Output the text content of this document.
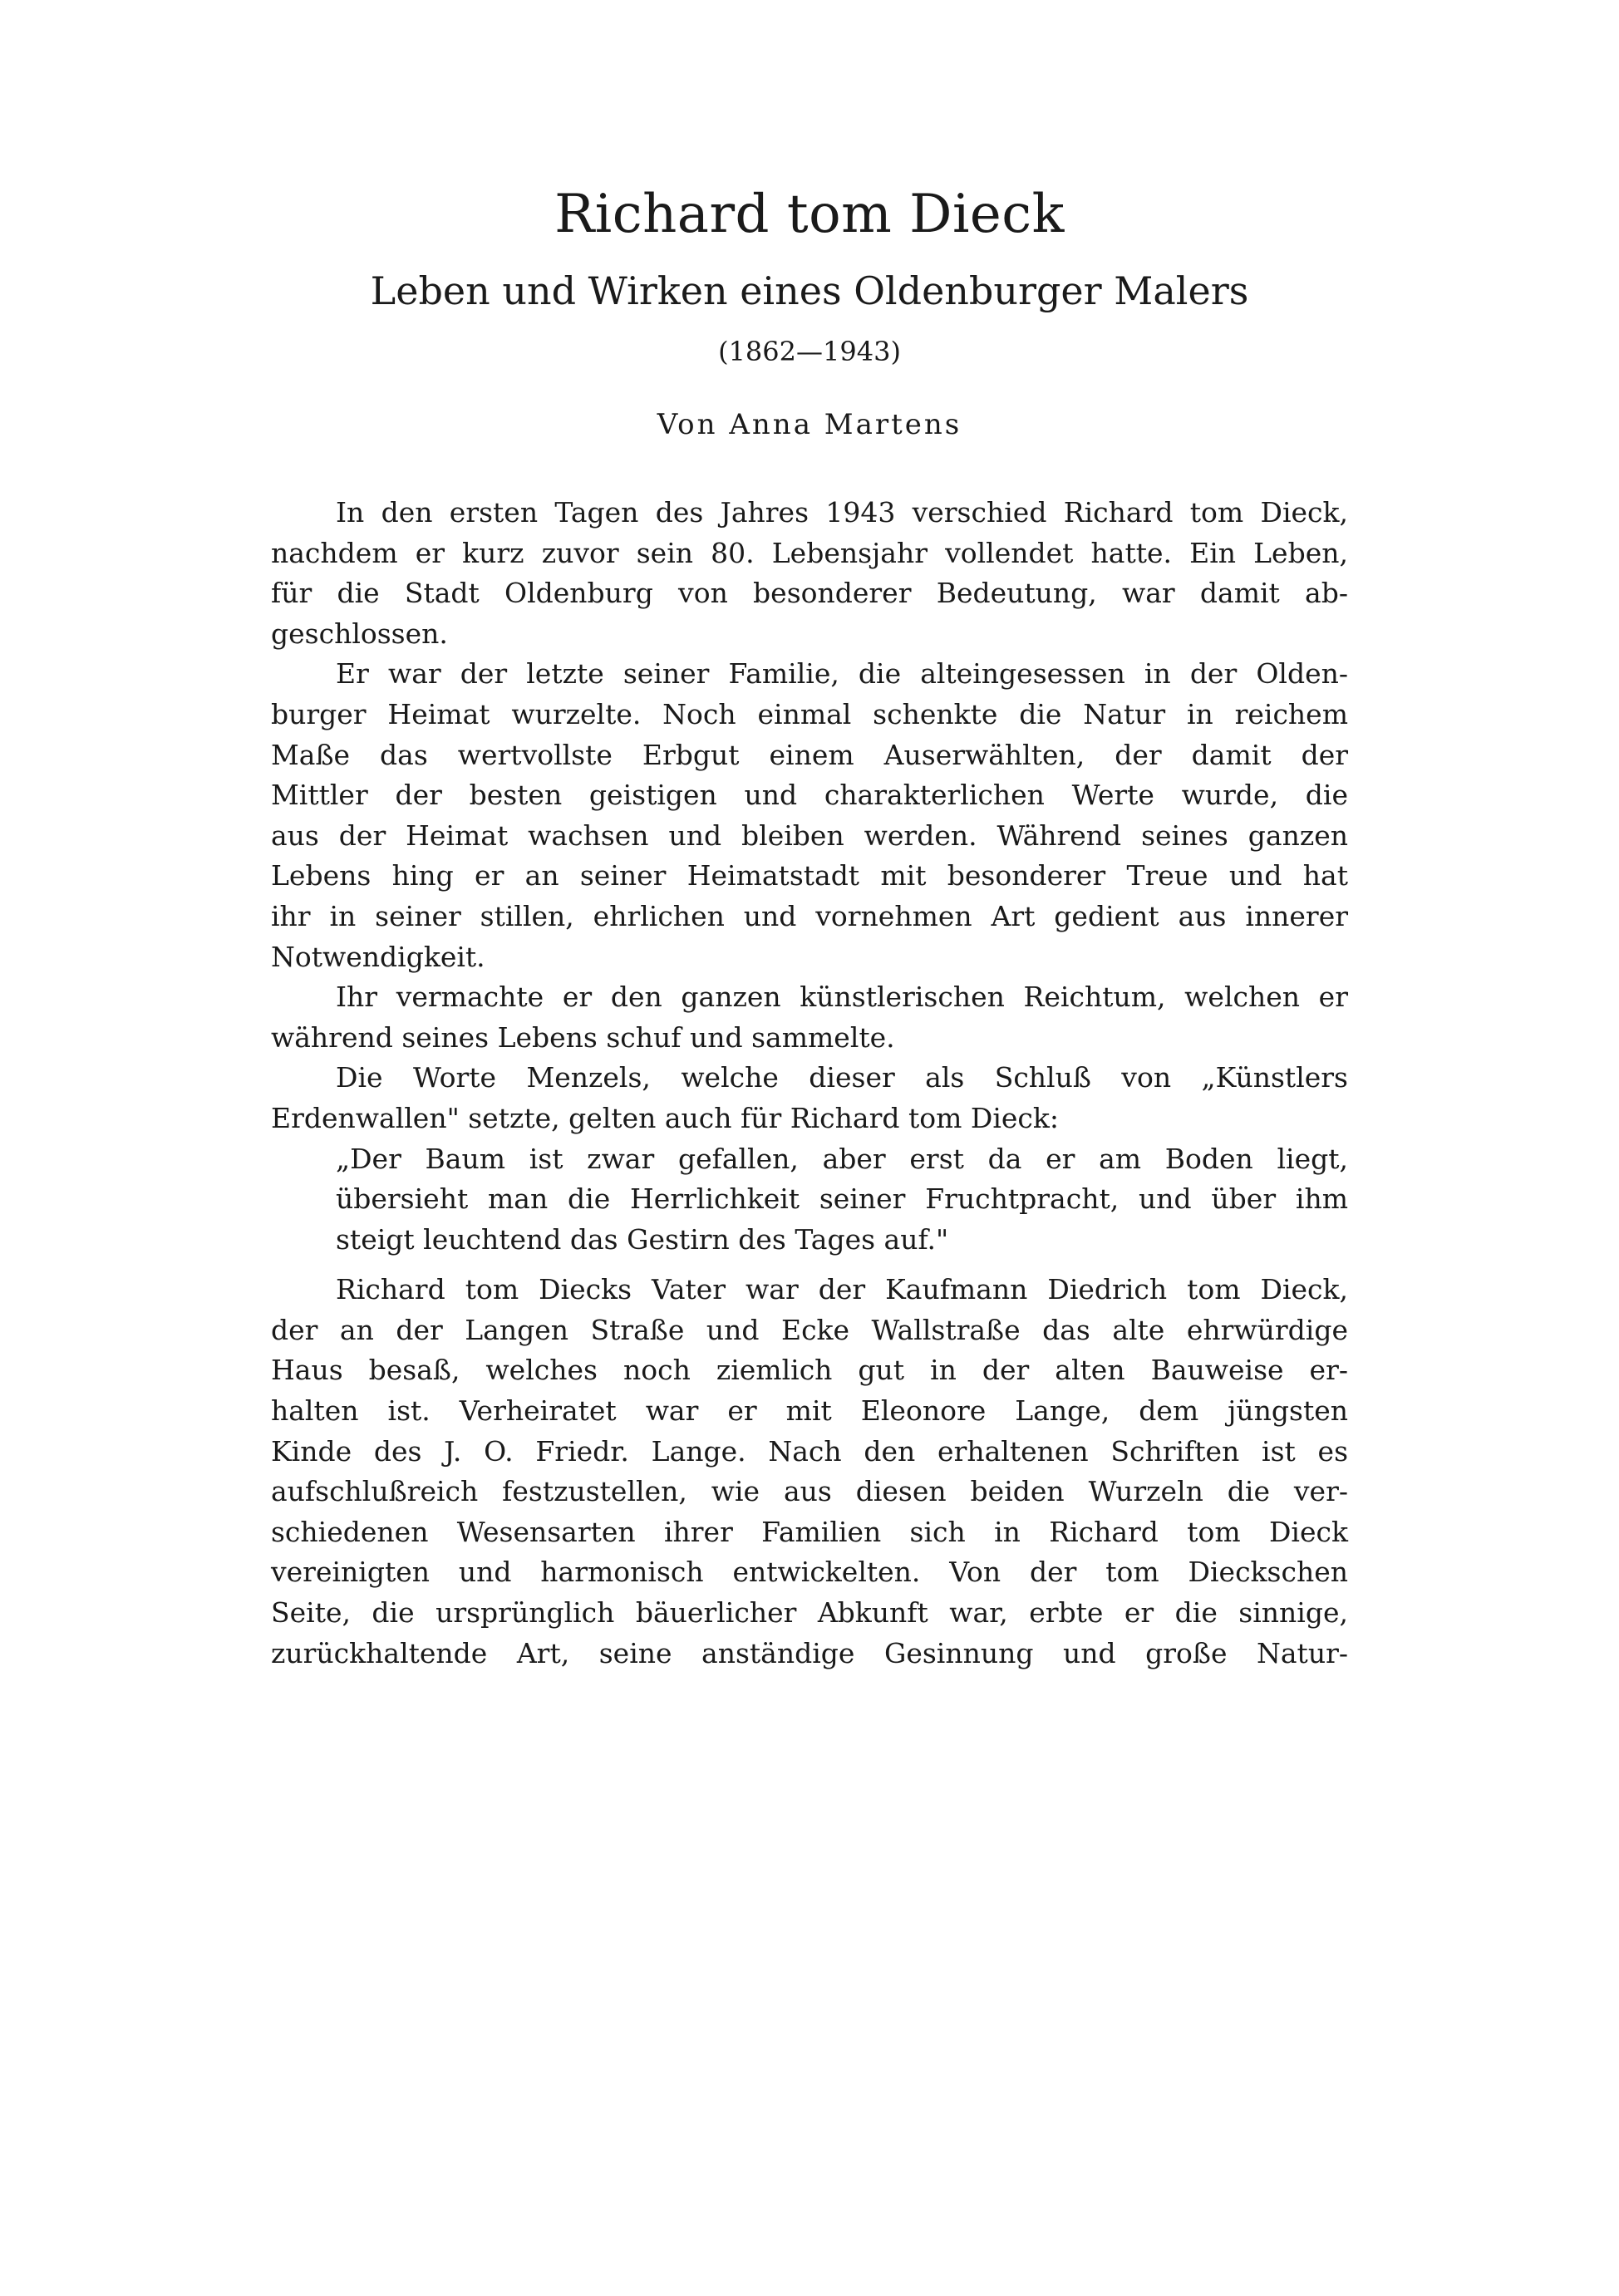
Richard tom Dieck
Leben und Wirken eines Oldenburger Malers
(1862—1943)
Von Anna Martens
In den ersten Tagen des Jahres 1943 verschied Richard tom Dieck,
nachdem er kurz zuvor sein 80. Lebensjahr vollendet hatte. Ein Leben,
für die Stadt Oldenburg von besonderer Bedeutung, war damit ab-
geschlossen.
Er war der letzte seiner Familie, die alteingesessen in der Olden-
burger Heimat wurzelte. Noch einmal schenkte die Natur in reichem
Maße das wertvollste Erbgut einem Auserwählten, der damit der
Mittler der besten geistigen und charakterlichen Werte wurde, die
aus der Heimat wachsen und bleiben werden. Während seines ganzen
Lebens hing er an seiner Heimatstadt mit besonderer Treue und hat
ihr in seiner stillen, ehrlichen und vornehmen Art gedient aus innerer
Notwendigkeit.
Ihr vermachte er den ganzen künstlerischen Reichtum, welchen er
während seines Lebens schuf und sammelte.
Die Worte Menzels, welche dieser als Schluß von „Künstlers
Erdenwallen" setzte, gelten auch für Richard tom Dieck:
„Der Baum ist zwar gefallen, aber erst da er am Boden liegt,
übersieht man die Herrlichkeit seiner Fruchtpracht, und über ihm
steigt leuchtend das Gestirn des Tages auf."
Richard tom Diecks Vater war der Kaufmann Diedrich tom Dieck,
der an der Langen Straße und Ecke Wallstraße das alte ehrwürdige
Haus besaß, welches noch ziemlich gut in der alten Bauweise er-
halten ist. Verheiratet war er mit Eleonore Lange, dem jüngsten
Kinde des J. O. Friedr. Lange. Nach den erhaltenen Schriften ist es
aufschlußreich festzustellen, wie aus diesen beiden Wurzeln die ver-
schiedenen Wesensarten ihrer Familien sich in Richard tom Dieck
vereinigten und harmonisch entwickelten. Von der tom Dieckschen
Seite, die ursprünglich bäuerlicher Abkunft war, erbte er die sinnige,
zurückhaltende Art, seine anständige Gesinnung und große Natur-
